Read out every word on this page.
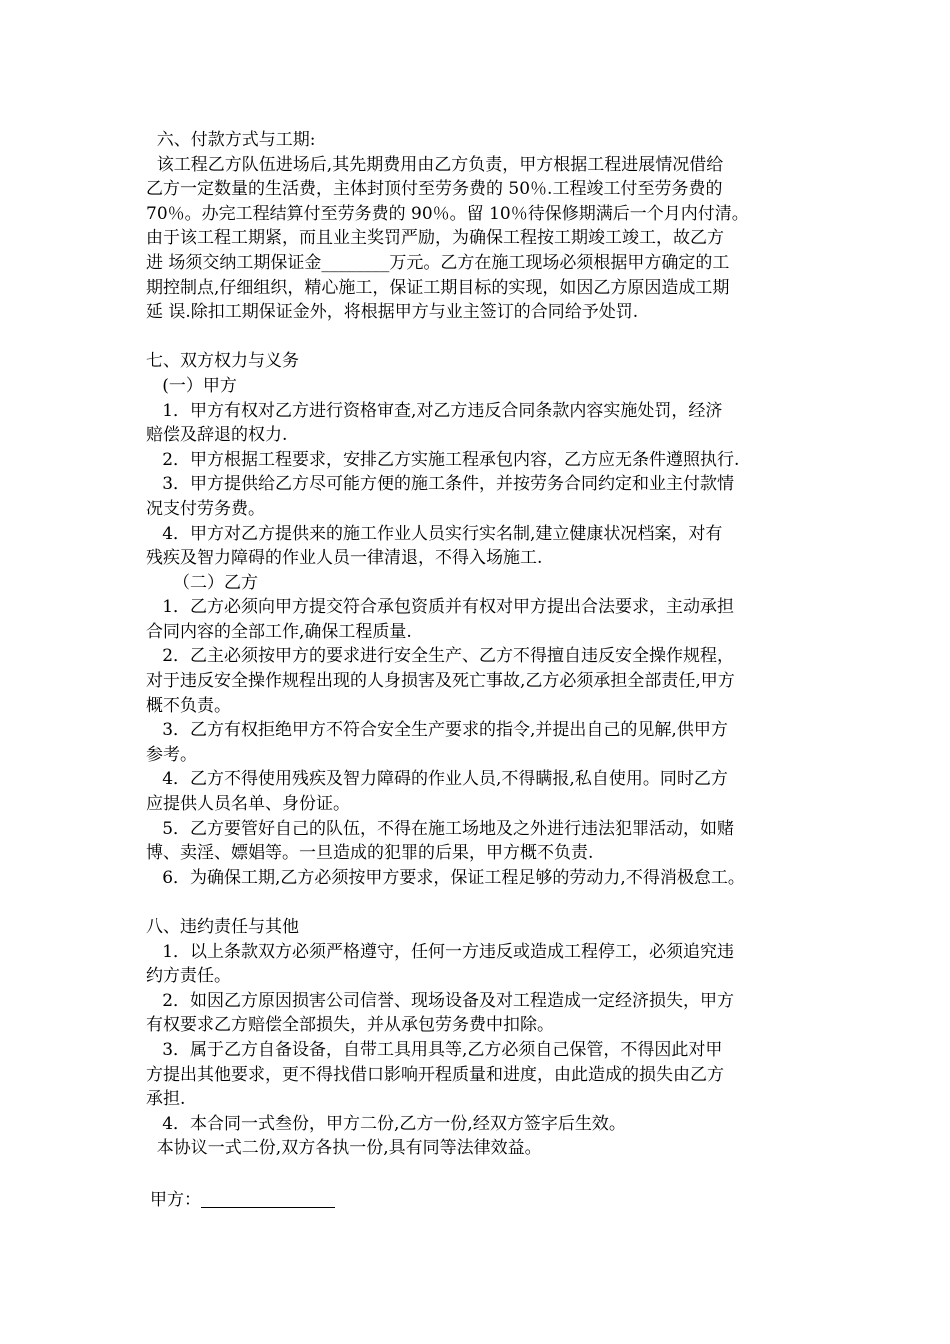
六、付款方式与工期:
该工程乙方队伍进场后,其先期费用由乙方负责，甲方根据工程进展情况借给
乙方一定数量的生活费，主体封顶付至劳务费的 50％.工程竣工付至劳务费的
70％。办完工程结算付至劳务费的 90％。留 10％待保修期满后一个月内付清。
由于该工程工期紧，而且业主奖罚严励，为确保工程按工期竣工竣工，故乙方
进 场须交纳工期保证金________万元。乙方在施工现场必须根据甲方确定的工
期控制点,仔细组织，精心施工，保证工期目标的实现，如因乙方原因造成工期
延 误.除扣工期保证金外，将根据甲方与业主签订的合同给予处罚.
七、双方权力与义务
(一）甲方
1．甲方有权对乙方进行资格审查,对乙方违反合同条款内容实施处罚，经济
赔偿及辞退的权力.
2．甲方根据工程要求，安排乙方实施工程承包内容，乙方应无条件遵照执行.
3．甲方提供给乙方尽可能方便的施工条件，并按劳务合同约定和业主付款情
况支付劳务费。
4．甲方对乙方提供来的施工作业人员实行实名制,建立健康状况档案，对有
残疾及智力障碍的作业人员一律清退，不得入场施工.
（二）乙方
1．乙方必须向甲方提交符合承包资质并有权对甲方提出合法要求，主动承担
合同内容的全部工作,确保工程质量.
2．乙主必须按甲方的要求进行安全生产、乙方不得擅自违反安全操作规程，
对于违反安全操作规程出现的人身损害及死亡事故,乙方必须承担全部责任,甲方
概不负责。
3．乙方有权拒绝甲方不符合安全生产要求的指令,并提出自己的见解,供甲方
参考。
4．乙方不得使用残疾及智力障碍的作业人员,不得瞒报,私自使用。同时乙方
应提供人员名单、身份证。
5．乙方要管好自己的队伍，不得在施工场地及之外进行违法犯罪活动，如赌
博、卖淫、嫖娼等。一旦造成的犯罪的后果，甲方概不负责.
6．为确保工期,乙方必须按甲方要求，保证工程足够的劳动力,不得消极怠工。
八、违约责任与其他
1．以上条款双方必须严格遵守，任何一方违反或造成工程停工，必须追究违
约方责任。
2．如因乙方原因损害公司信誉、现场设备及对工程造成一定经济损失，甲方
有权要求乙方赔偿全部损失，并从承包劳务费中扣除。
3．属于乙方自备设备，自带工具用具等,乙方必须自己保管，不得因此对甲
方提出其他要求，更不得找借口影响开程质量和进度，由此造成的损失由乙方
承担.
4．本合同一式叁份，甲方二份,乙方一份,经双方签字后生效。
本协议一式二份,双方各执一份,具有同等法律效益。
甲方：
